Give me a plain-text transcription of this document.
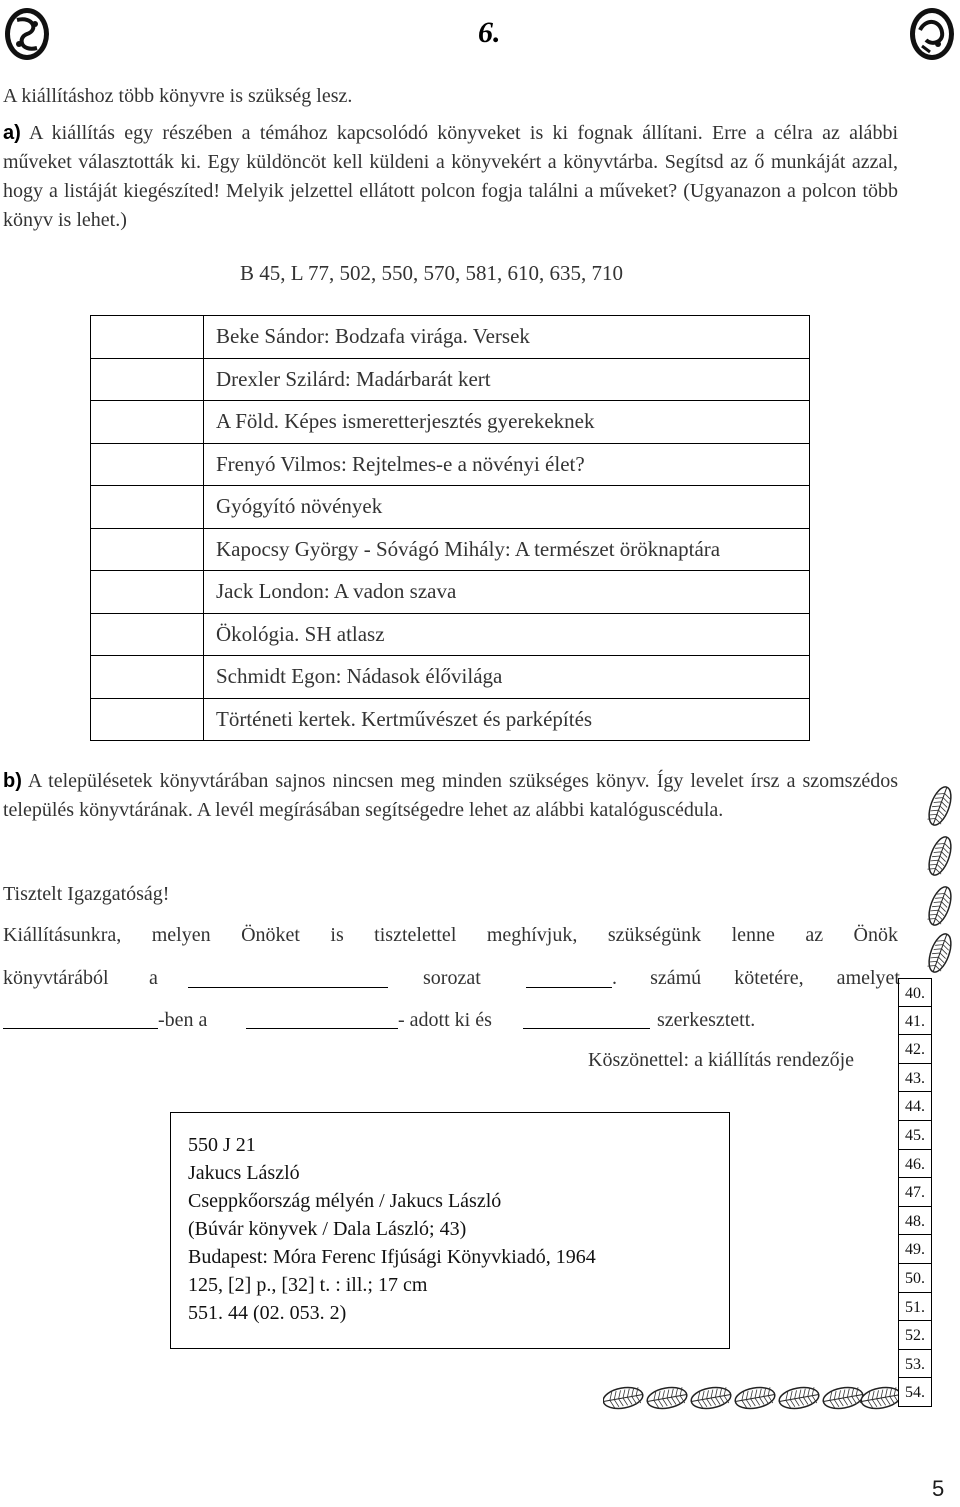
6.
A kiállításhoz több könyvre is szükség lesz.
a) A kiállítás egy részében a témához kapcsolódó könyveket is ki fognak állítani. Erre a célra az alábbi műveket választották ki. Egy küldöncöt kell küldeni a könyvekért a könyvtárba. Segítsd az ő munkáját azzal, hogy a listáját kiegészíted! Melyik jelzettel ellátott polcon fogja találni a műveket? (Ugyanazon a polcon több könyv is lehet.)
B 45, L 77, 502, 550, 570, 581, 610, 635, 710
	Beke Sándor: Bodzafa virága. Versek
	Drexler Szilárd: Madárbarát kert
	A Föld. Képes ismeretterjesztés gyerekeknek
	Frenyó Vilmos: Rejtelmes-e a növényi élet?
	Gyógyító növények
	Kapocsy György - Sóvágó Mihály: A természet öröknaptára
	Jack London: A vadon szava
	Ökológia. SH atlasz
	Schmidt Egon: Nádasok élővilága
	Történeti kertek. Kertművészet és parképítés
b) A településetek könyvtárában sajnos nincsen meg minden szükséges könyv. Így levelet írsz a szomszédos település könyvtárának. A levél megírásában segítségedre lehet az alábbi katalóguscédula.
Tisztelt Igazgatóság!
Kiállításunkra, melyen Önöket is tisztelettel meghívjuk, szükségünk lenne az Önök
könyvtárából a	sorozat	. számú kötetére, amelyet
-ben a	- adott ki és	szerkesztett.
Köszönettel: a kiállítás rendezője
550 J 21
Jakucs László
Cseppkőország mélyén / Jakucs László
(Búvár könyvek / Dala László; 43)
Budapest: Móra Ferenc Ifjúsági Könyvkiadó, 1964
125, [2] p., [32] t. : ill.; 17 cm
551. 44 (02. 053. 2)
40.
41.
42.
43.
44.
45.
46.
47.
48.
49.
50.
51.
52.
53.
54.
5
